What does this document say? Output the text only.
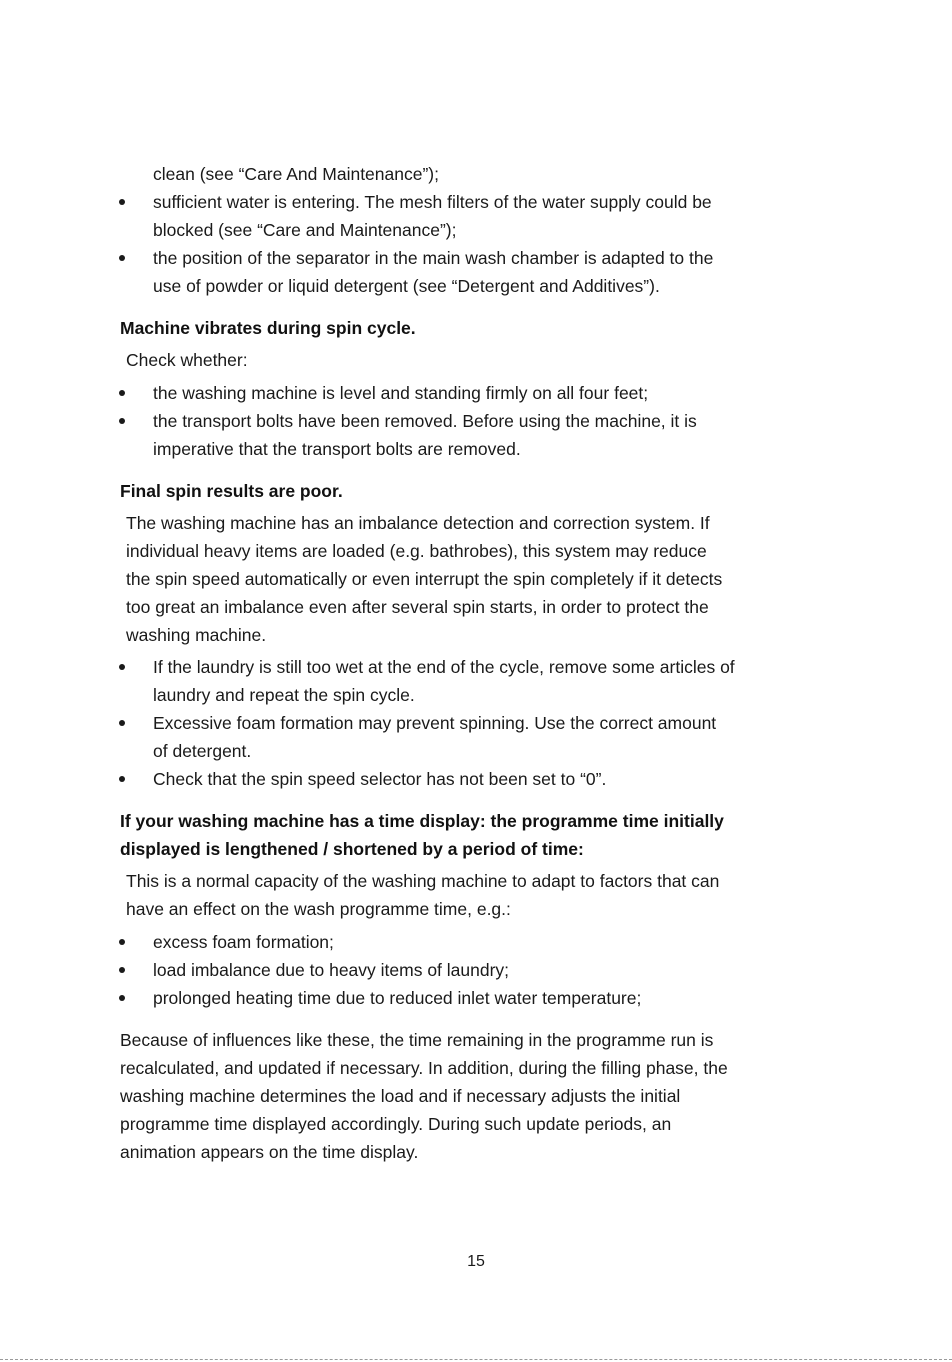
clean (see “Care And Maintenance”);
sufficient water is entering. The mesh filters of the water supply could be
blocked (see “Care and Maintenance”);
the position of the separator in the main wash chamber is adapted to the
use of powder or liquid detergent (see “Detergent and Additives”).
Machine vibrates during spin cycle.
Check whether:
the washing machine is level and standing firmly on all four feet;
the transport bolts have been removed. Before using the machine, it is
imperative that the transport bolts are removed.
Final spin results are poor.
The washing machine has an imbalance detection and correction system. If
individual heavy items are loaded (e.g. bathrobes), this system may reduce
the spin speed automatically or even interrupt the spin completely if it detects
too great an imbalance even after several spin starts, in order to protect the
washing machine.
If the laundry is still too wet at the end of the cycle, remove some articles of
laundry and repeat the spin cycle.
Excessive foam formation may prevent spinning. Use the correct amount
of detergent.
Check that the spin speed selector has not been set to “0”.
If your washing machine has a time display: the programme time initially
displayed is lengthened / shortened by a period of time:
This is a normal capacity of the washing machine to adapt to factors that can
have an effect on the wash programme time, e.g.:
excess foam formation;
load imbalance due to heavy items of laundry;
prolonged heating time due to reduced inlet water temperature;
Because of influences like these, the time remaining in the programme run is
recalculated, and updated if necessary. In addition, during the filling phase, the
washing machine determines the load and if necessary adjusts the initial
programme time displayed accordingly. During such update periods, an
animation appears on the time display.
15
